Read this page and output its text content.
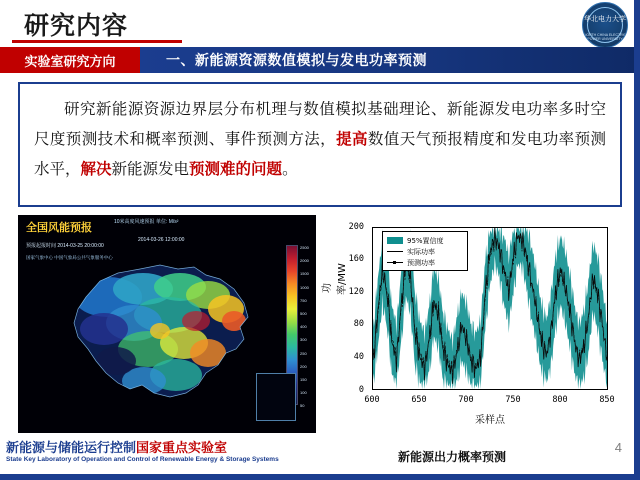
研究内容	华北电力大学
NORTH CHINA ELECTRIC POWER UNIVERSITY
实验室研究方向	一、新能源资源数值模拟与发电功率预测
研究新能源资源边界层分布机理与数值模拟基础理论、新能源发电功率多时空尺度预测技术和概率预测、事件预测方法，提高数值天气预报精度和发电功率预测水平，解决新能源发电预测难的问题。
全国风能预报	10米高度风速预报 单位: M/s²
预报起报时间 2014-03-25 20:00:00
2014-03-26 12:00:00
国家气象中心 中国气象局公共气象服务中心
2500
2000
1500
1000
750
500
400
300
250
200
150
100
50
功率/MW
采样点
0
40
80
120
160
200
600	650	700	750	800	850
95%置信度
实际功率
预测功率
新能源与储能运行控制国家重点实验室
State Key Laboratory of Operation and Control of Renewable Energy & Storage Systems	新能源出力概率预测
4
